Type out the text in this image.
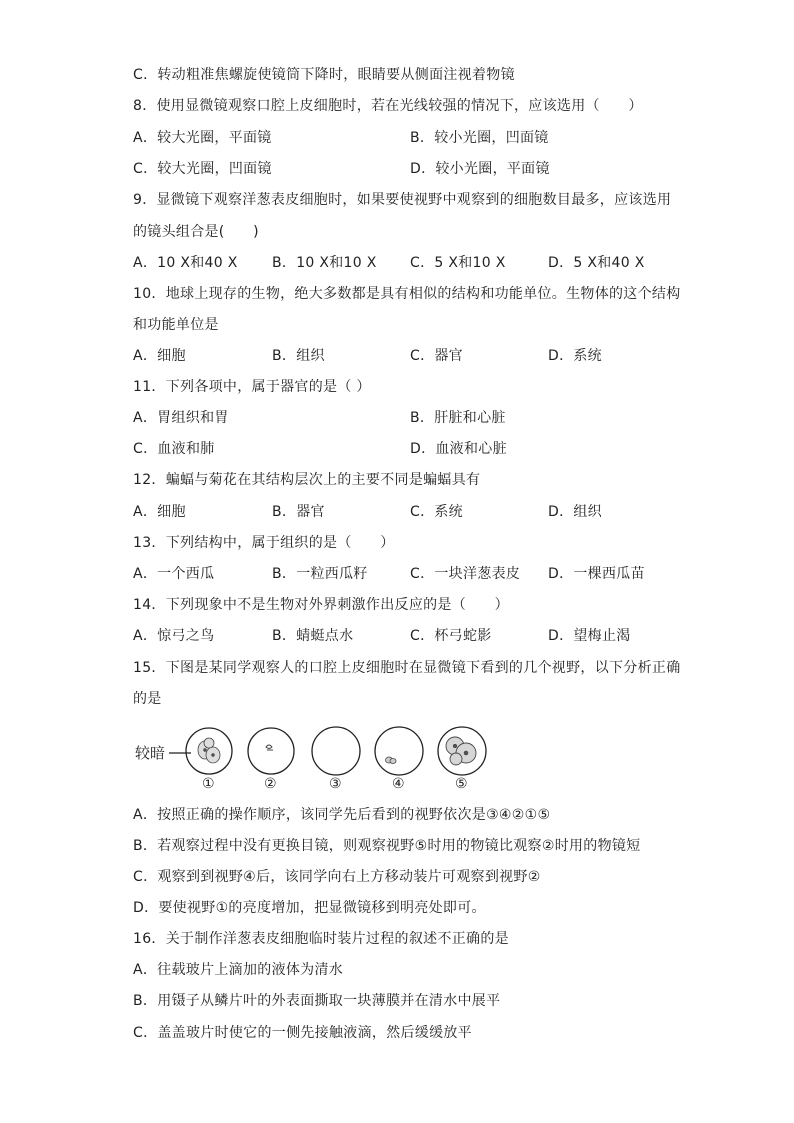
C．转动粗准焦螺旋使镜筒下降时，眼睛要从侧面注视着物镜
8．使用显微镜观察口腔上皮细胞时，若在光线较强的情况下，应该选用（　　）
A．较大光圈，平面镜	B．较小光圈，凹面镜
C．较大光圈，凹面镜	D．较小光圈，平面镜
9．显微镜下观察洋葱表皮细胞时，如果要使视野中观察到的细胞数目最多，应该选用
的镜头组合是(　　)
A．10 X和40 X B．10 X和10 X C．5 X和10 X	D．5 X和40 X
10．地球上现存的生物，绝大多数都是具有相似的结构和功能单位。生物体的这个结构
和功能单位是
A．细胞	B．组织	C．器官	D．系统
11．下列各项中，属于器官的是（ ）
A．胃组织和胃	B．肝脏和心脏
C．血液和肺	D．血液和心脏
12．蝙蝠与菊花在其结构层次上的主要不同是蝙蝠具有
A．细胞	B．器官	C．系统	D．组织
13．下列结构中，属于组织的是（　　）
A．一个西瓜	B．一粒西瓜籽	C．一块洋葱表皮 D．一棵西瓜苗
14．下列现象中不是生物对外界刺激作出反应的是（　　）
A．惊弓之鸟	B．蜻蜓点水	C．杯弓蛇影	D．望梅止渴
15．下图是某同学观察人的口腔上皮细胞时在显微镜下看到的几个视野，以下分析正确
的是
较暗
①	②	③	④	⑤
A．按照正确的操作顺序，该同学先后看到的视野依次是③④②①⑤
B．若观察过程中没有更换目镜，则观察视野⑤时用的物镜比观察②时用的物镜短
C．观察到到视野④后，该同学向右上方移动装片可观察到视野②
D．要使视野①的亮度增加，把显微镜移到明亮处即可。
16．关于制作洋葱表皮细胞临时装片过程的叙述不正确的是
A．往载玻片上滴加的液体为清水
B．用镊子从鳞片叶的外表面撕取一块薄膜并在清水中展平
C．盖盖玻片时使它的一侧先接触液滴，然后缓缓放平
